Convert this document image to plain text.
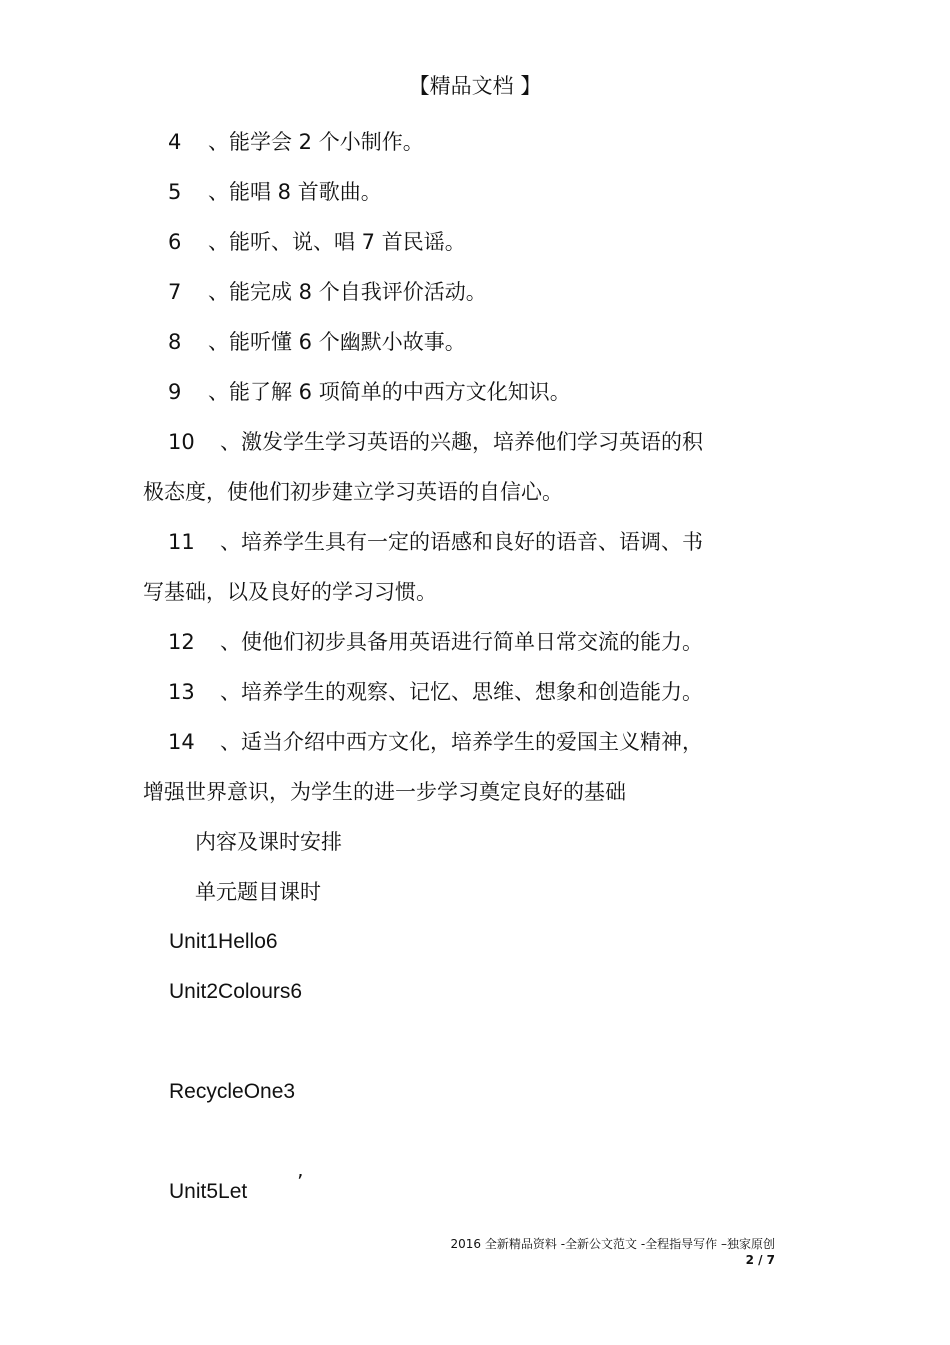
【精品文档 】
4 、能学会 2 个小制作。
5 、能唱 8 首歌曲。
6 、能听、说、唱 7 首民谣。
7 、能完成 8 个自我评价活动。
8 、能听懂 6 个幽默小故事。
9 、能了解 6 项简单的中西方文化知识。
10 、激发学生学习英语的兴趣，培养他们学习英语的积
极态度，使他们初步建立学习英语的自信心。
11 、培养学生具有一定的语感和良好的语音、语调、书
写基础，以及良好的学习习惯。
12 、使他们初步具备用英语进行简单日常交流的能力。
13 、培养学生的观察、记忆、思维、想象和创造能力。
14 、适当介绍中西方文化，培养学生的爱国主义精神，
增强世界意识，为学生的进一步学习奠定良好的基础
内容及课时安排
单元题目课时
Unit1Hello6
Unit2Colours6
RecycleOne3
Unit5Let ’
2016 全新精品资料 -全新公文范文 -全程指导写作 –独家原创
2 / 7
